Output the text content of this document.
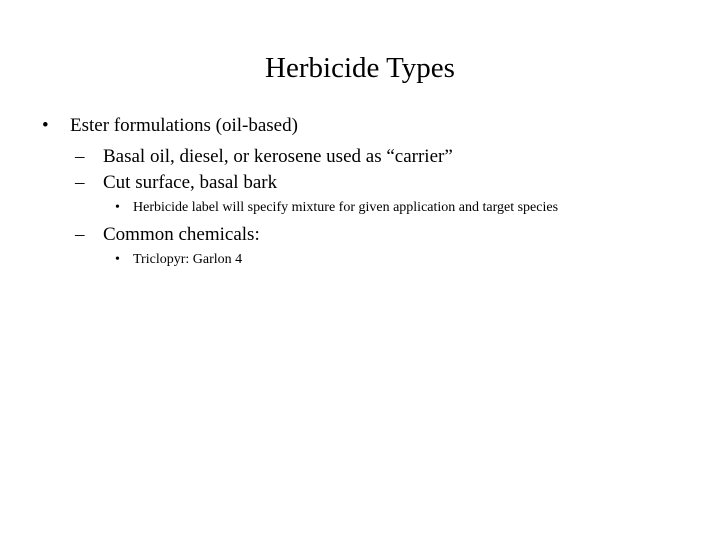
Herbicide Types
• Ester formulations (oil-based)
– Basal oil, diesel, or kerosene used as “carrier”
– Cut surface, basal bark
• Herbicide label will specify mixture for given application and target species
– Common chemicals:
• Triclopyr: Garlon 4
